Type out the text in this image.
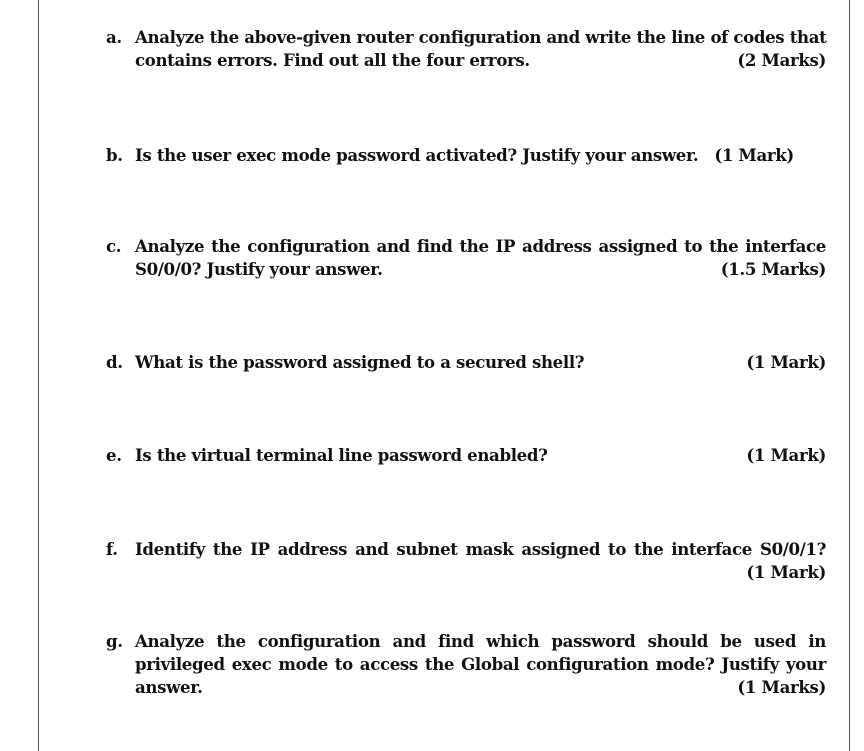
a. Analyze the above-given router configuration and write the line of codes that
contains errors. Find out all the four errors.	(2 Marks)
b. Is the user exec mode password activated? Justify your answer. (1 Mark)
c. Analyze the configuration and find the IP address assigned to the interface
S0/0/0? Justify your answer.	(1.5 Marks)
d. What is the password assigned to a secured shell?	(1 Mark)
e. Is the virtual terminal line password enabled?	(1 Mark)
f. Identify the IP address and subnet mask assigned to the interface S0/0/1?
(1 Mark)
g. Analyze the configuration and find which password should be used in
privileged exec mode to access the Global configuration mode? Justify your
answer.	(1 Marks)
